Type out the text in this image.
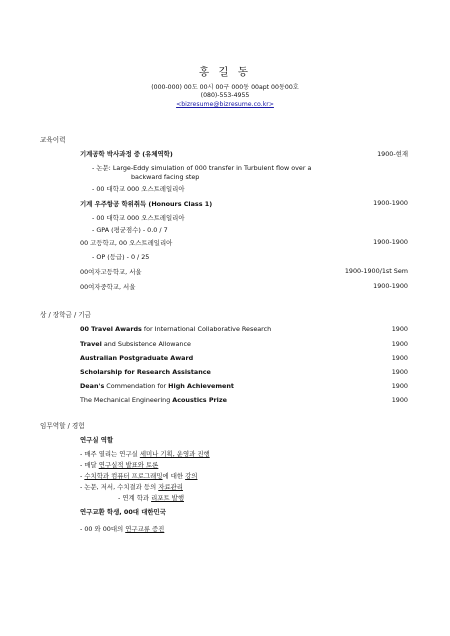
홍 길 동
(000-000) 00도 00시 00구 000동 00apt 00동00호
(080)-553-4955
<bizresume@bizresume.co.kr>
교육이력
기계공학 박사과정 중 (유체역학)	1900-현재
- 논문: Large-Eddy simulation of 000 transfer in Turbulent flow over a
backward facing step
- 00 대학교 000 오스트레일리아
기계 우주항공 학위취득 (Honours Class 1)	1900-1900
- 00 대학교 000 오스트레일리아
- GPA (평균점수) - 0.0 / 7
00 고등학교, 00 오스트레일리아	1900-1900
- OP (등급) - 0 / 25
00여자고등학교, 서울	1900-1900/1st Sem
00여자중학교, 서울	1900-1900
상 / 장학금 / 기금
00 Travel Awards for International Collaborative Research	1900
Travel and Subsistence Allowance	1900
Australian Postgraduate Award	1900
Scholarship for Research Assistance	1900
Dean's Commendation for High Achievement	1900
The Mechanical Engineering Acoustics Prize	1900
임무역할 / 경험
연구실 역할
- 매주 열리는 연구실 세미나 기획, 운영과 진행
- 매달 연구실적 발표와 토론
- 수치학과 컴퓨터 프로그래밍에 대한 강의
- 논문, 저서, 수치결과 등의 자료관리
- 연계 학과 리포트 발행
연구교환 학생, 00대 대한민국
- 00 와 00대의 연구교류 증진
